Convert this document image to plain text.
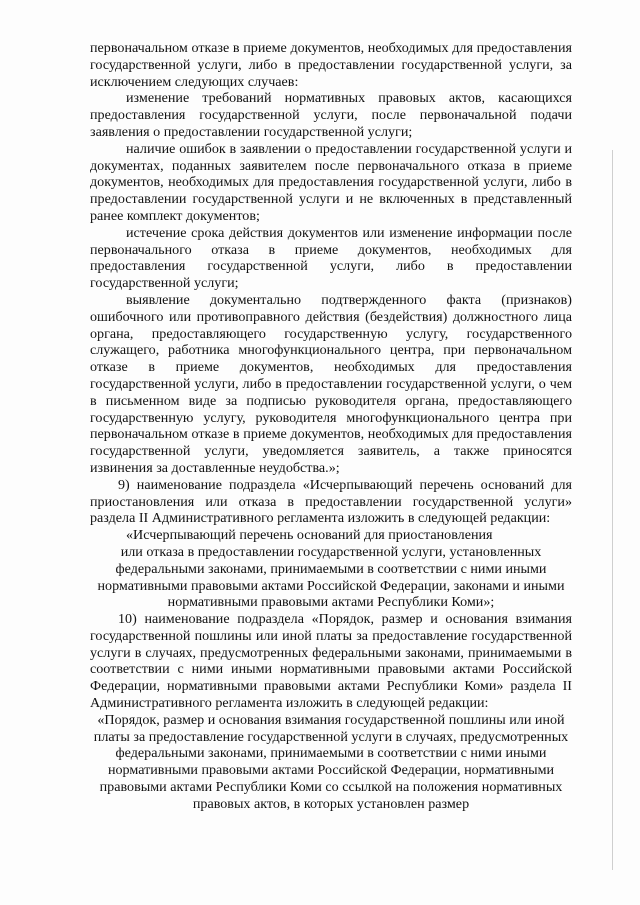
первоначальном отказе в приеме документов, необходимых для предоставления государственной услуги, либо в предоставлении государственной услуги, за исключением следующих случаев:

изменение требований нормативных правовых актов, касающихся предоставления государственной услуги, после первоначальной подачи заявления о предоставлении государственной услуги;

наличие ошибок в заявлении о предоставлении государственной услуги и документах, поданных заявителем после первоначального отказа в приеме документов, необходимых для предоставления государственной услуги, либо в предоставлении государственной услуги и не включенных в представленный ранее комплект документов;

истечение срока действия документов или изменение информации после первоначального отказа в приеме документов, необходимых для предоставления государственной услуги, либо в предоставлении государственной услуги;

выявление документально подтвержденного факта (признаков) ошибочного или противоправного действия (бездействия) должностного лица органа, предоставляющего государственную услугу, государственного служащего, работника многофункционального центра, при первоначальном отказе в приеме документов, необходимых для предоставления государственной услуги, либо в предоставлении государственной услуги, о чем в письменном виде за подписью руководителя органа, предоставляющего государственную услугу, руководителя многофункционального центра при первоначальном отказе в приеме документов, необходимых для предоставления государственной услуги, уведомляется заявитель, а также приносятся извинения за доставленные неудобства.»;

9) наименование подраздела «Исчерпывающий перечень оснований для приостановления или отказа в предоставлении государственной услуги» раздела II Административного регламента изложить в следующей редакции:

«Исчерпывающий перечень оснований для приостановления

или отказа в предоставлении государственной услуги, установленных федеральными законами, принимаемыми в соответствии с ними иными нормативными правовыми актами Российской Федерации, законами и иными нормативными правовыми актами Республики Коми»;

10) наименование подраздела «Порядок, размер и основания взимания государственной пошлины или иной платы за предоставление государственной услуги в случаях, предусмотренных федеральными законами, принимаемыми в соответствии с ними иными нормативными правовыми актами Российской Федерации, нормативными правовыми актами Республики Коми» раздела II Административного регламента изложить в следующей редакции:

«Порядок, размер и основания взимания государственной пошлины или иной платы за предоставление государственной услуги в случаях, предусмотренных федеральными законами, принимаемыми в соответствии с ними иными нормативными правовыми актами Российской Федерации, нормативными правовыми актами Республики Коми со ссылкой на положения нормативных правовых актов, в которых установлен размер
